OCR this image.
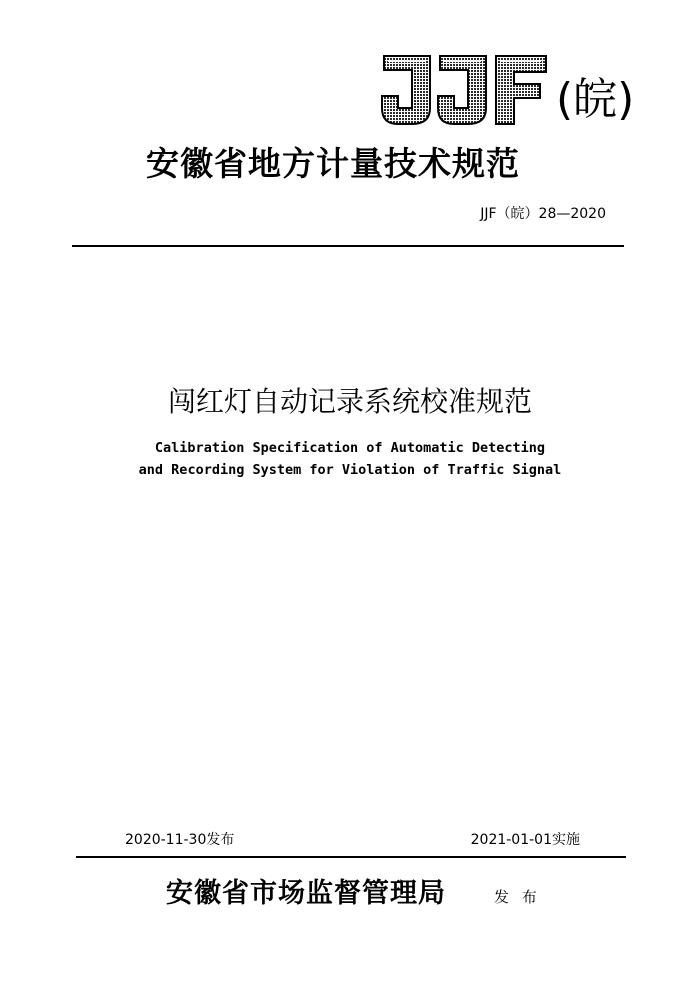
(皖)
安徽省地方计量技术规范
JJF（皖）28—2020
闯红灯自动记录系统校准规范
Calibration Specification of Automatic Detecting
and Recording System for Violation of Traffic Signal
2020-11-30发布	2021-01-01实施
安徽省市场监督管理局	发 布
